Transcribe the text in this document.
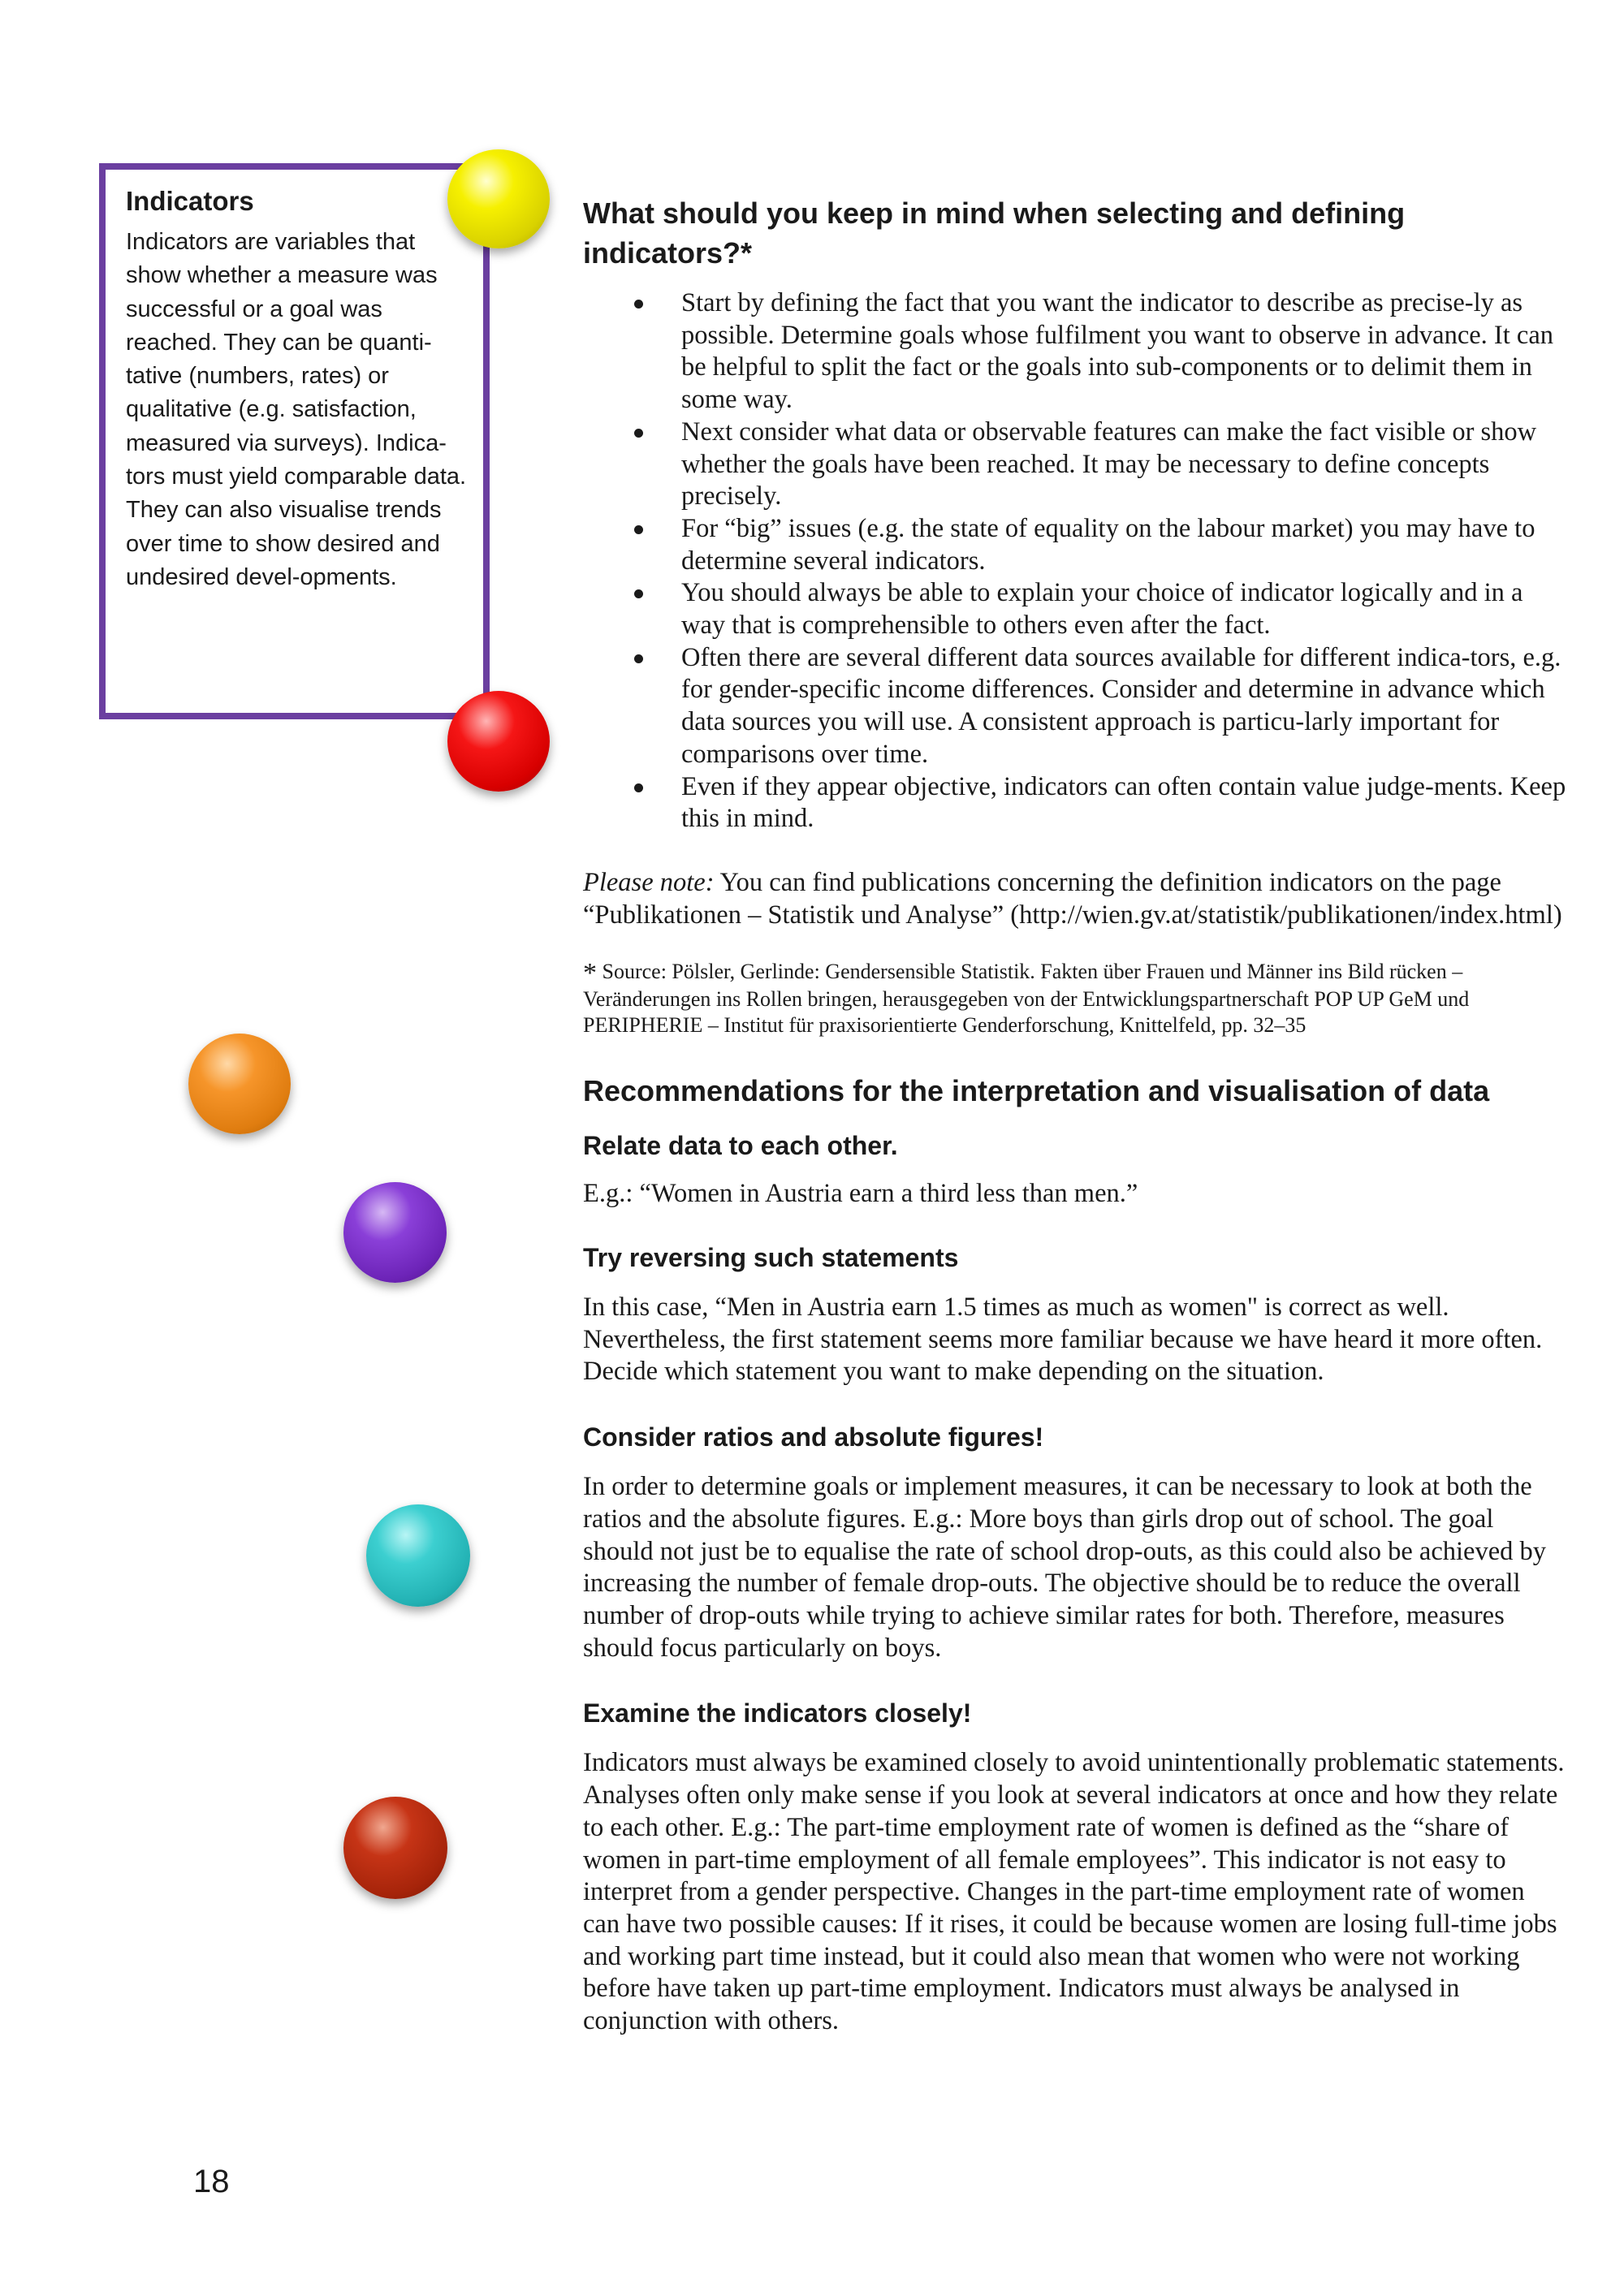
Indicators
Indicators are variables that show whether a measure was successful or a goal was reached. They can be quanti-tative (numbers, rates) or qualitative (e.g. satisfaction, measured via surveys). Indica-tors must yield comparable data. They can also visualise trends over time to show desired and undesired devel-opments.
What should you keep in mind when selecting and defining indicators?*
Start by defining the fact that you want the indicator to describe as precise-ly as possible. Determine goals whose fulfilment you want to observe in advance. It can be helpful to split the fact or the goals into sub-components or to delimit them in some way.
Next consider what data or observable features can make the fact visible or show whether the goals have been reached. It may be necessary to define concepts precisely.
For “big” issues (e.g. the state of equality on the labour market) you may have to determine several indicators.
You should always be able to explain your choice of indicator logically and in a way that is comprehensible to others even after the fact.
Often there are several different data sources available for different indica-tors, e.g. for gender-specific income differences. Consider and determine in advance which data sources you will use. A consistent approach is particu-larly important for comparisons over time.
Even if they appear objective, indicators can often contain value judge-ments. Keep this in mind.

Please note: You can find publications concerning the definition indicators on the page “Publikationen – Statistik und Analyse” (http://wien.gv.at/statistik/publikationen/index.html)

* Source: Pölsler, Gerlinde: Gendersensible Statistik. Fakten über Frauen und Männer ins Bild rücken – Veränderungen ins Rollen bringen, herausgegeben von der Entwicklungspartnerschaft POP UP GeM und PERIPHERIE – Institut für praxisorientierte Genderforschung, Knittelfeld, pp. 32–35

Recommendations for the interpretation and visualisation of data
Relate data to each other.

E.g.: “Women in Austria earn a third less than men.”

Try reversing such statements

In this case, “Men in Austria earn 1.5 times as much as women" is correct as well. Nevertheless, the first statement seems more familiar because we have heard it more often. Decide which statement you want to make depending on the situation.

Consider ratios and absolute figures!

In order to determine goals or implement measures, it can be necessary to look at both the ratios and the absolute figures. E.g.: More boys than girls drop out of school. The goal should not just be to equalise the rate of school drop-outs, as this could also be achieved by increasing the number of female drop-outs. The objective should be to reduce the overall number of drop-outs while trying to achieve similar rates for both. Therefore, measures should focus particularly on boys.

Examine the indicators closely!

Indicators must always be examined closely to avoid unintentionally problematic statements. Analyses often only make sense if you look at several indicators at once and how they relate to each other. E.g.: The part-time employment rate of women is defined as the “share of women in part-time employment of all female employees”. This indicator is not easy to interpret from a gender perspective. Changes in the part-time employment rate of women can have two possible causes: If it rises, it could be because women are losing full-time jobs and working part time instead, but it could also mean that women who were not working before have taken up part-time employment. Indicators must always be analysed in conjunction with others.

18
